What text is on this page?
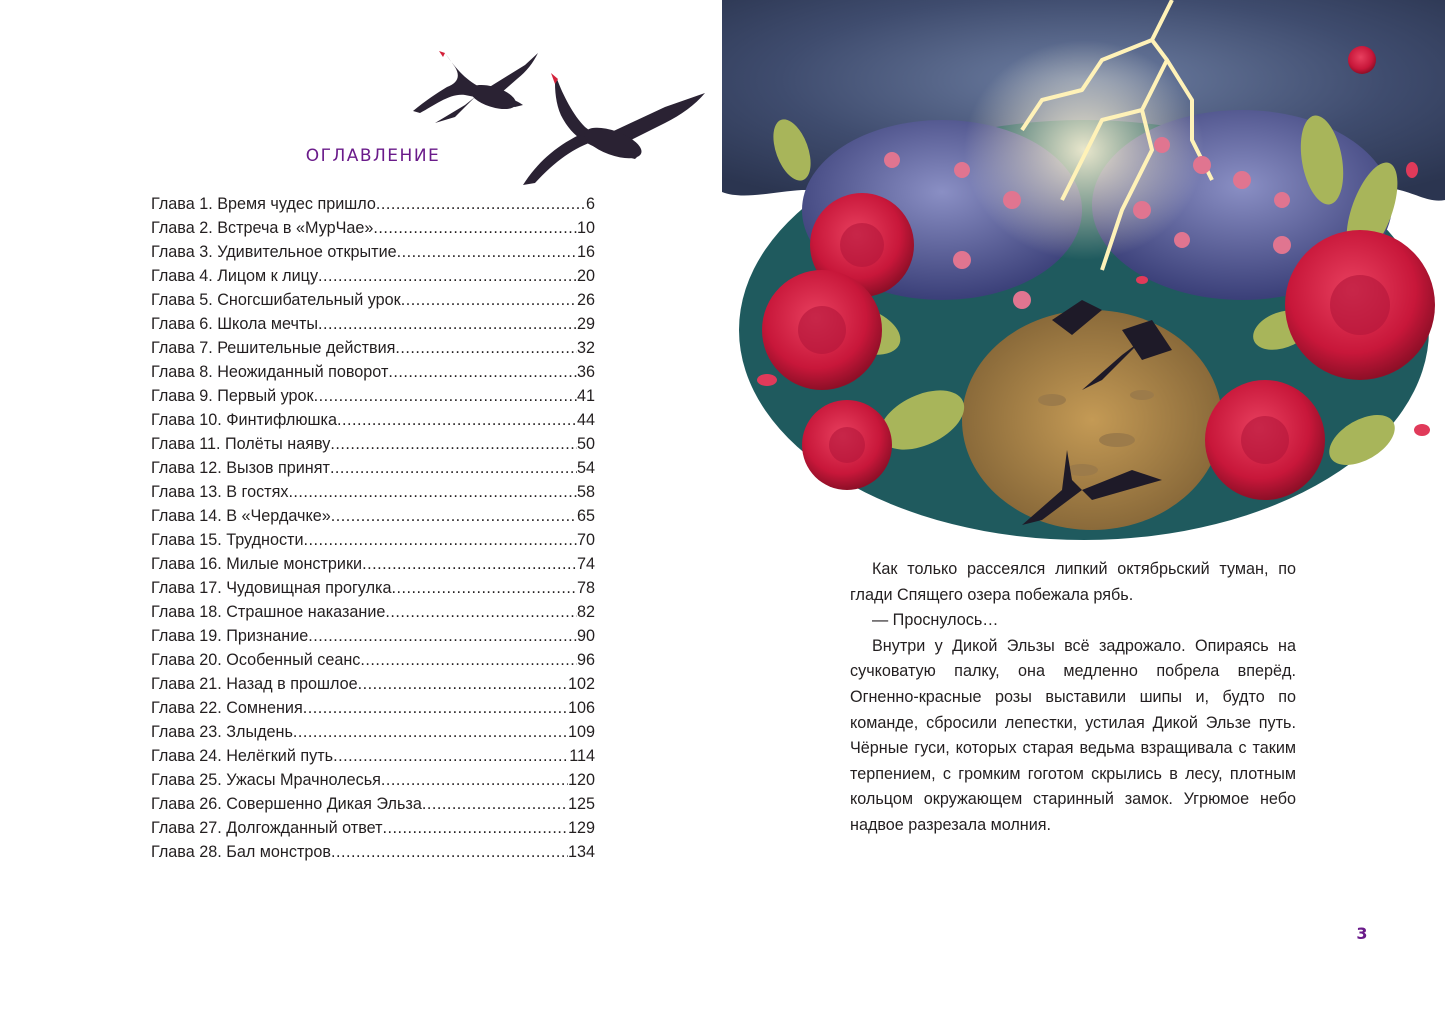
ОГЛАВЛЕНИЕ
Глава 1. Время чудес пришло .....	6
Глава 2. Встреча в «МурЧае» .....	10
Глава 3. Удивительное открытие .....	16
Глава 4. Лицом к лицу .....	20
Глава 5. Сногсшибательный урок .....	26
Глава 6. Школа мечты .....	29
Глава 7. Решительные действия .....	32
Глава 8. Неожиданный поворот .....	36
Глава 9. Первый урок .....	41
Глава 10. Финтифлюшка .....	44
Глава 11. Полёты наяву .....	50
Глава 12. Вызов принят .....	54
Глава 13. В гостях .....	58
Глава 14. В «Чердачке» .....	65
Глава 15. Трудности .....	70
Глава 16. Милые монстрики .....	74
Глава 17. Чудовищная прогулка .....	78
Глава 18. Страшное наказание .....	82
Глава 19. Признание .....	90
Глава 20. Особенный сеанс .....	96
Глава 21. Назад в прошлое .....	102
Глава 22. Сомнения .....	106
Глава 23. Злыдень .....	109
Глава 24. Нелёгкий путь .....	114
Глава 25. Ужасы Мрачнолесья .....	120
Глава 26. Совершенно Дикая Эльза .....	125
Глава 27. Долгожданный ответ .....	129
Глава 28. Бал монстров .....	134

Как только рассеялся липкий октябрьский туман, по глади Спящего озера побежала рябь.

— Проснулось…

Внутри у Дикой Эльзы всё задрожало. Опираясь на сучковатую палку, она медленно побрела вперёд. Огненно-красные розы выставили шипы и, будто по команде, сбросили лепестки, устилая Дикой Эльзе путь. Чёрные гуси, которых старая ведьма взращивала с таким терпением, с громким гоготом скрылись в лесу, плотным кольцом окружающем старинный замок. Угрюмое небо надвое разрезала молния.

3
